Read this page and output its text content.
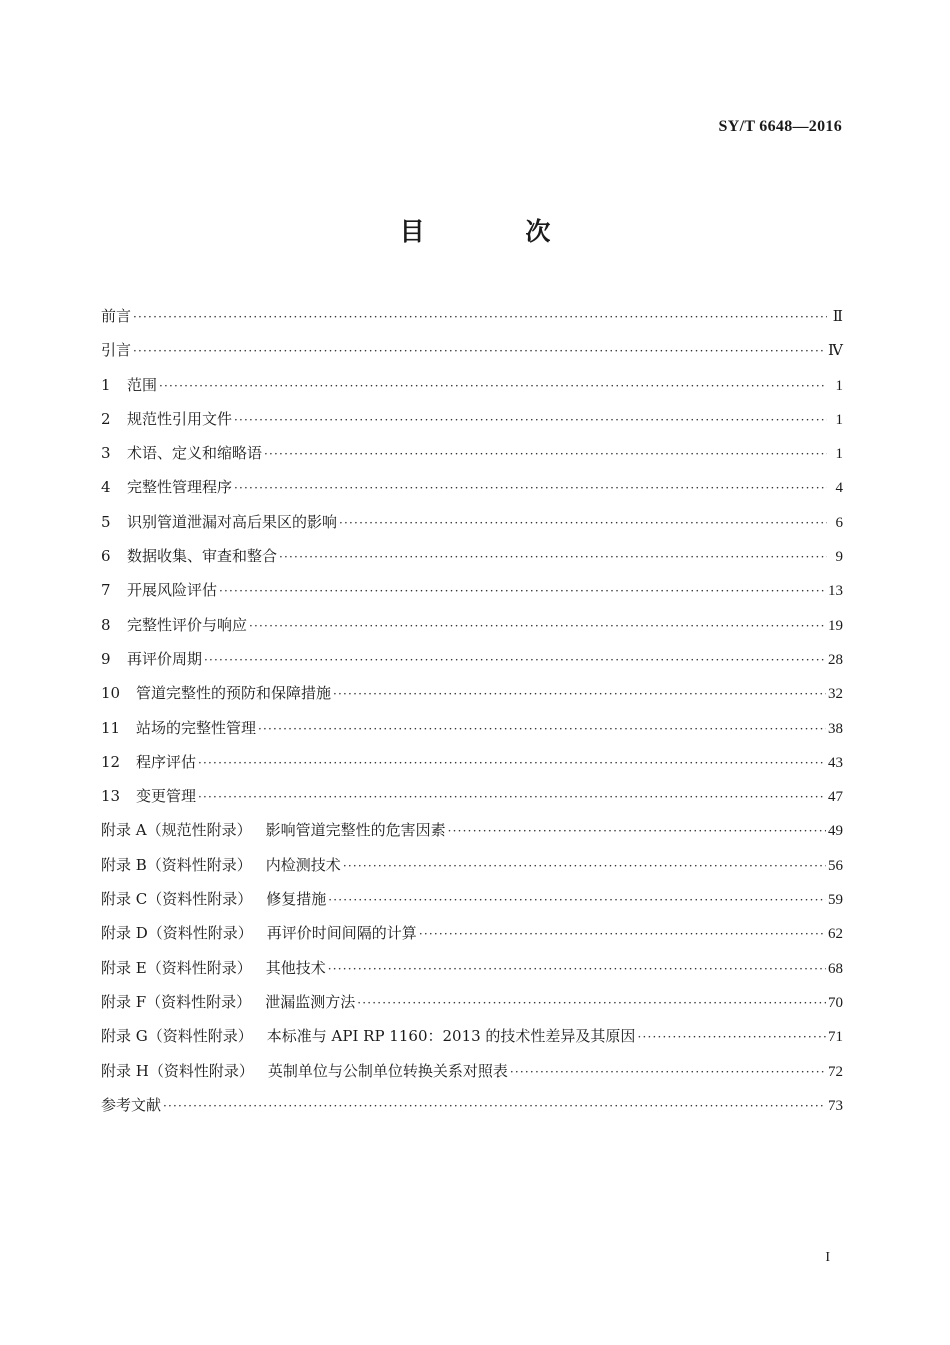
SY/T 6648—2016
目 次
前言 ·····	Ⅱ
引言 ·····	Ⅳ
1	范围 ·····	1
2	规范性引用文件 ·····	1
3	术语、定义和缩略语 ·····	1
4	完整性管理程序 ·····	4
5	识别管道泄漏对高后果区的影响 ·····	6
6	数据收集、审查和整合 ·····	9
7	开展风险评估 ·····	13
8	完整性评价与响应 ·····	19
9	再评价周期 ·····	28
10	管道完整性的预防和保障措施 ·····	32
11	站场的完整性管理 ·····	38
12	程序评估 ·····	43
13	变更管理 ·····	47
附录 A（规范性附录） 影响管道完整性的危害因素 ·····	49
附录 B（资料性附录） 内检测技术 ·····	56
附录 C（资料性附录） 修复措施 ·····	59
附录 D（资料性附录） 再评价时间间隔的计算 ·····	62
附录 E（资料性附录） 其他技术 ·····	68
附录 F（资料性附录） 泄漏监测方法 ·····	70
附录 G（资料性附录） 本标准与 API RP 1160：2013 的技术性差异及其原因 ·····	71
附录 H（资料性附录） 英制单位与公制单位转换关系对照表 ·····	72
参考文献 ·····	73
I
